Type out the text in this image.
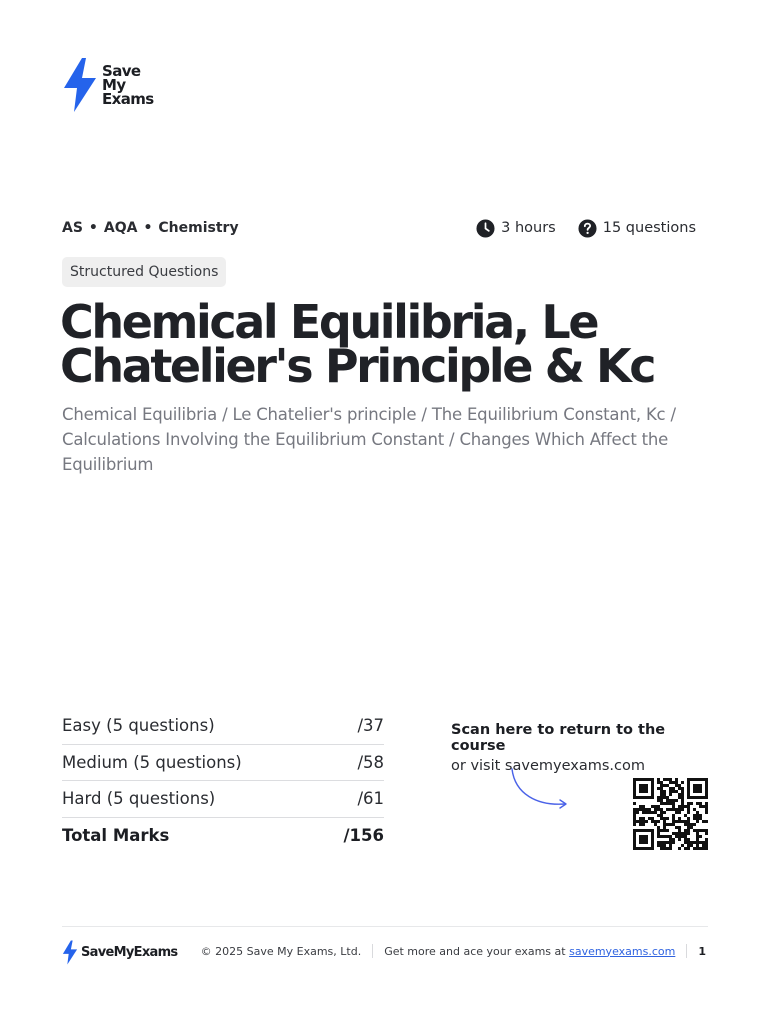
Save
My
Exams
AS • AQA • Chemistry	3 hours	15 questions
Structured Questions
Chemical Equilibria, Le Chatelier's Principle & Kc

Chemical Equilibria / Le Chatelier's principle / The Equilibrium Constant, Kc / Calculations Involving the Equilibrium Constant / Changes Which Affect the Equilibrium

Easy (5 questions)	/37
Medium (5 questions)	/58
Hard (5 questions)	/61
Total Marks	/156
Scan here to return to the course
or visit savemyexams.com
SaveMyExams © 2025 Save My Exams, Ltd. Get more and ace your exams at savemyexams.com 1
